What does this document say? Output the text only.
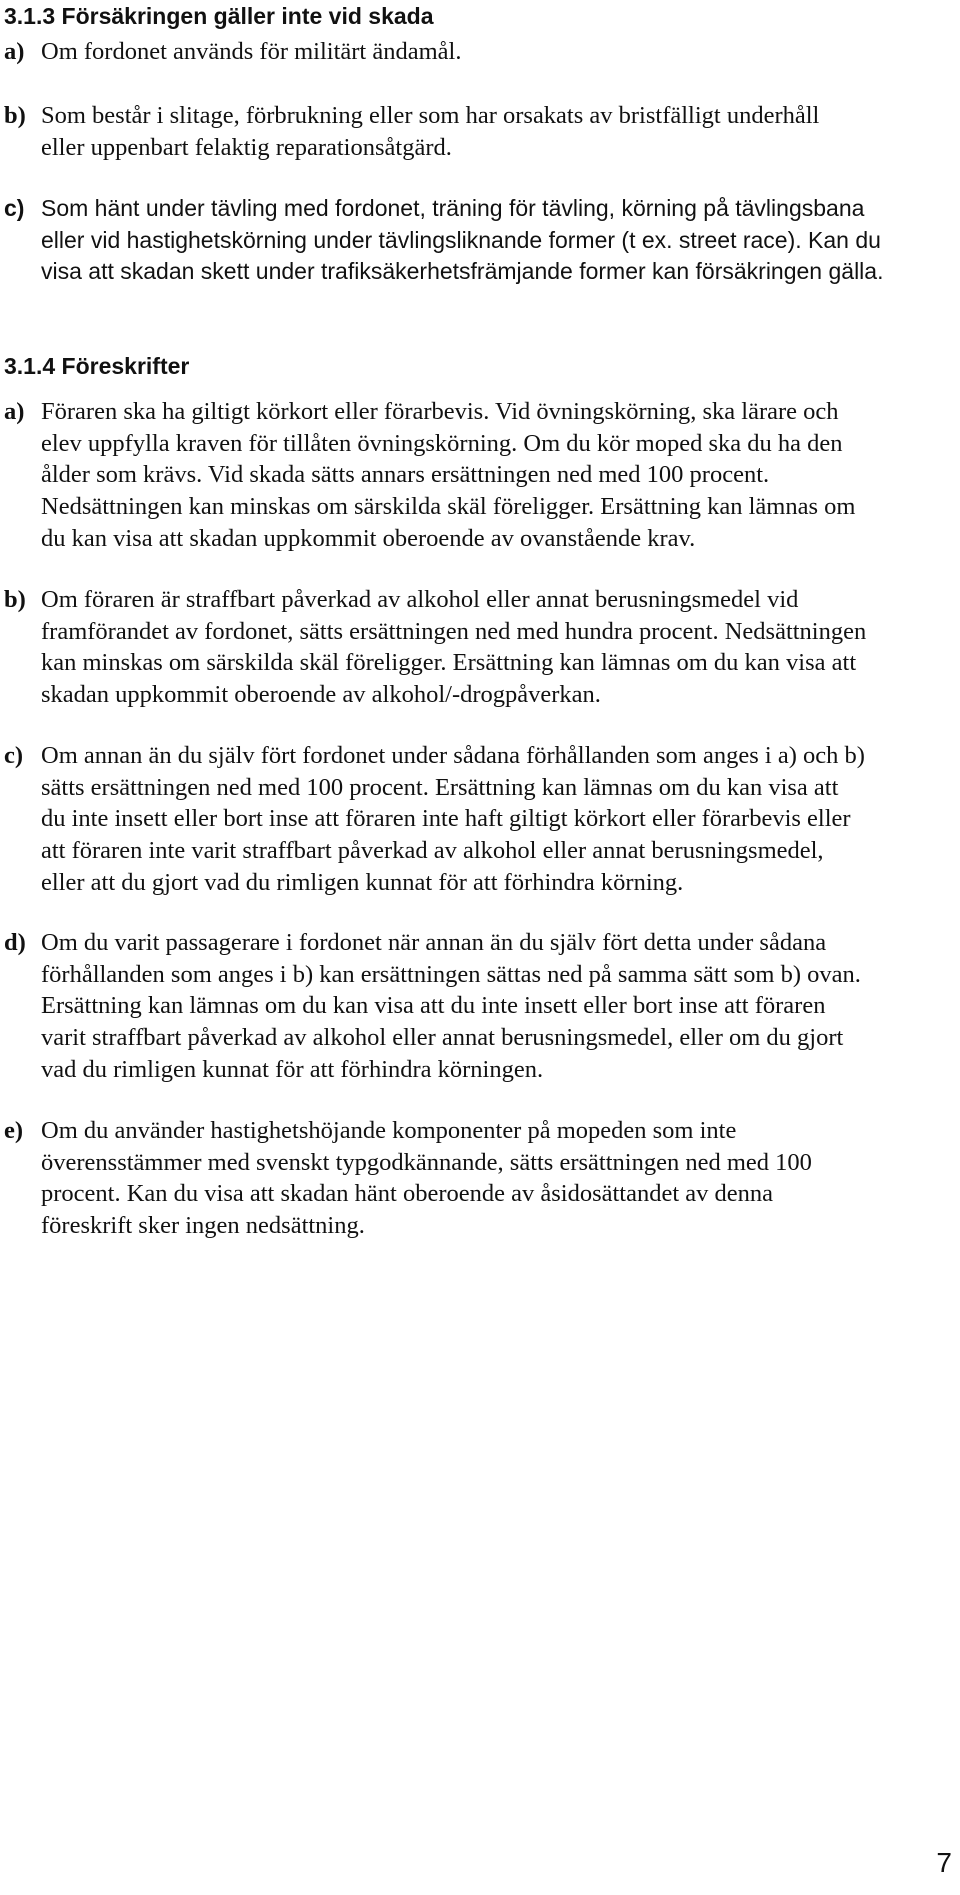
3.1.3 Försäkringen gäller inte vid skada
a) Om fordonet används för militärt ändamål.
b) Som består i slitage, förbrukning eller som har orsakats av bristfälligt underhåll
eller uppenbart felaktig reparationsåtgärd.
c) Som hänt under tävling med fordonet, träning för tävling, körning på tävlingsbana
eller vid hastighetskörning under tävlingsliknande former (t ex. street race). Kan du
visa att skadan skett under trafiksäkerhetsfrämjande former kan försäkringen gälla.
3.1.4 Föreskrifter
a) Föraren ska ha giltigt körkort eller förarbevis. Vid övningskörning, ska lärare och
elev uppfylla kraven för tillåten övningskörning. Om du kör moped ska du ha den
ålder som krävs. Vid skada sätts annars ersättningen ned med 100 procent.
Nedsättningen kan minskas om särskilda skäl föreligger. Ersättning kan lämnas om
du kan visa att skadan uppkommit oberoende av ovanstående krav.
b) Om föraren är straffbart påverkad av alkohol eller annat berusningsmedel vid
framförandet av fordonet, sätts ersättningen ned med hundra procent. Nedsättningen
kan minskas om särskilda skäl föreligger. Ersättning kan lämnas om du kan visa att
skadan uppkommit oberoende av alkohol/-drogpåverkan.
c) Om annan än du själv fört fordonet under sådana förhållanden som anges i a) och b)
sätts ersättningen ned med 100 procent. Ersättning kan lämnas om du kan visa att
du inte insett eller bort inse att föraren inte haft giltigt körkort eller förarbevis eller
att föraren inte varit straffbart påverkad av alkohol eller annat berusningsmedel,
eller att du gjort vad du rimligen kunnat för att förhindra körning.
d) Om du varit passagerare i fordonet när annan än du själv fört detta under sådana
förhållanden som anges i b) kan ersättningen sättas ned på samma sätt som b) ovan.
Ersättning kan lämnas om du kan visa att du inte insett eller bort inse att föraren
varit straffbart påverkad av alkohol eller annat berusningsmedel, eller om du gjort
vad du rimligen kunnat för att förhindra körningen.
e) Om du använder hastighetshöjande komponenter på mopeden som inte
överensstämmer med svenskt typgodkännande, sätts ersättningen ned med 100
procent. Kan du visa att skadan hänt oberoende av åsidosättandet av denna
föreskrift sker ingen nedsättning.

7
